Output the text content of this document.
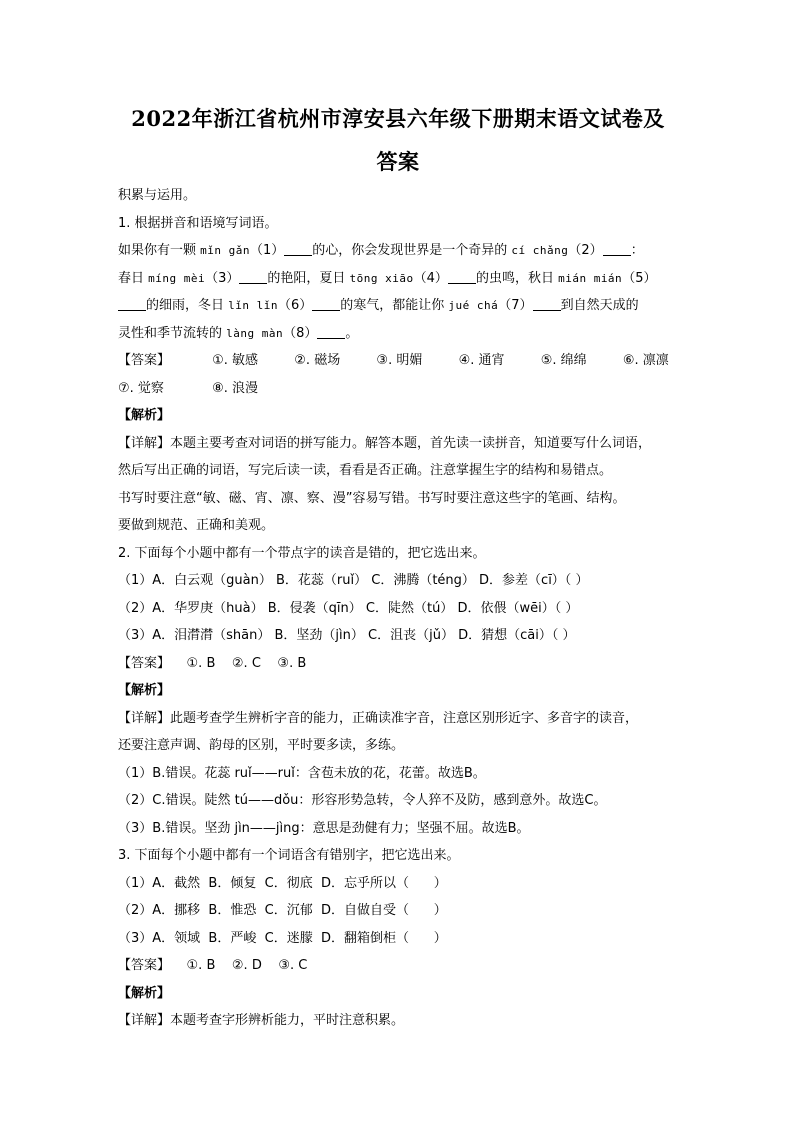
2022年浙江省杭州市淳安县六年级下册期末语文试卷及
答案
积累与运用。
1. 根据拼音和语境写词语。
如果你有一颗 mǐn gǎn（1） 的心，你会发现世界是一个奇异的 cí chǎng（2） ：
春日 míng mèi（3） 的艳阳，夏日 tōng xiāo（4） 的虫鸣，秋日 mián mián（5）
的细雨，冬日 lǐn lǐn（6） 的寒气，都能让你 jué chá（7） 到自然天成的
灵性和季节流转的 làng màn（8） 。
【答案】	①. 敏感	②. 磁场	③. 明媚	④. 通宵	⑤. 绵绵	⑥. 凛凛
⑦. 觉察	⑧. 浪漫
【解析】
【详解】本题主要考查对词语的拼写能力。解答本题，首先读一读拼音，知道要写什么词语，
然后写出正确的词语，写完后读一读，看看是否正确。注意掌握生字的结构和易错点。
书写时要注意“敏、磁、宵、凛、察、漫”容易写错。书写时要注意这些字的笔画、结构。
要做到规范、正确和美观。
2. 下面每个小题中都有一个带点字的读音是错的，把它选出来。
（1）A．白云观（guàn） B．花蕊（ruǐ） C．沸腾（téng） D．参差（cī）（ ）
（2）A．华罗庚（huà） B．侵袭（qīn） C．陡然（tú） D．依偎（wēi）（ ）
（3）A．泪潸潸（shān） B．坚劲（jìn） C．沮丧（jǔ） D．猜想（cāi）（ ）
【答案】    ①. B    ②. C    ③. B
【解析】
【详解】此题考查学生辨析字音的能力，正确读准字音，注意区别形近字、多音字的读音，
还要注意声调、韵母的区别，平时要多读，多练。
（1）B.错误。花蕊 ruǐ——ruǐ：含苞未放的花，花蕾。故选B。
（2）C.错误。陡然 tú——dǒu：形容形势急转，令人猝不及防，感到意外。故选C。
（3）B.错误。坚劲 jìn——jìng：意思是劲健有力；坚强不屈。故选B。
3. 下面每个小题中都有一个词语含有错别字，把它选出来。
（1）A．截然  B．倾复  C．彻底  D．忘乎所以（      ）
（2）A．挪移  B．惟恐  C．沉郁  D．自做自受（      ）
（3）A．领域  B．严峻  C．迷朦  D．翻箱倒柜（      ）
【答案】    ①. B    ②. D    ③. C
【解析】
【详解】本题考查字形辨析能力，平时注意积累。
